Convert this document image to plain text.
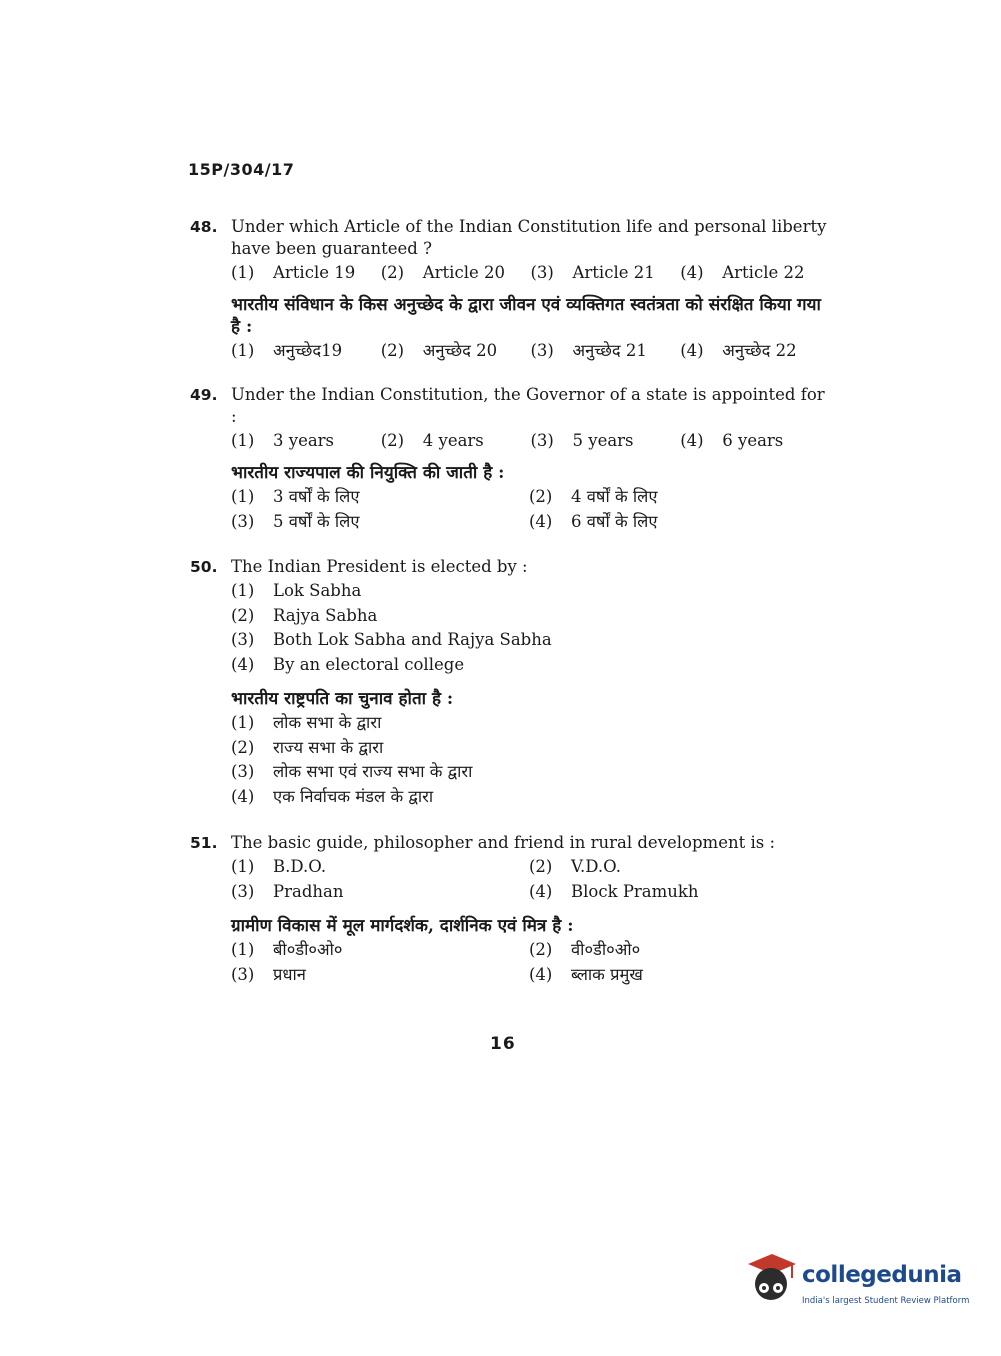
15P/304/17
48. Under which Article of the Indian Constitution life and personal liberty have been guaranteed ?
(1) Article 19	(2) Article 20	(3) Article 21	(4) Article 22
भारतीय संविधान के किस अनुच्छेद के द्वारा जीवन एवं व्यक्तिगत स्वतंत्रता को संरक्षित किया गया है :
(1) अनुच्छेद19	(2) अनुच्छेद 20	(3) अनुच्छेद 21	(4) अनुच्छेद 22
49. Under the Indian Constitution, the Governor of a state is appointed for :
(1) 3 years	(2) 4 years	(3) 5 years	(4) 6 years
भारतीय राज्यपाल की नियुक्ति की जाती है :
(1) 3 वर्षों के लिए	(2) 4 वर्षों के लिए
(3) 5 वर्षों के लिए	(4) 6 वर्षों के लिए
50. The Indian President is elected by :
(1) Lok Sabha
(2) Rajya Sabha
(3) Both Lok Sabha and Rajya Sabha
(4) By an electoral college
भारतीय राष्ट्रपति का चुनाव होता है :
(1) लोक सभा के द्वारा
(2) राज्य सभा के द्वारा
(3) लोक सभा एवं राज्य सभा के द्वारा
(4) एक निर्वाचक मंडल के द्वारा
51. The basic guide, philosopher and friend in rural development is :
(1) B.D.O.	(2) V.D.O.
(3) Pradhan	(4) Block Pramukh
ग्रामीण विकास में मूल मार्गदर्शक, दार्शनिक एवं मित्र है :
(1) बी०डी०ओ०	(2) वी०डी०ओ०
(3) प्रधान	(4) ब्लाक प्रमुख
16
collegedunia
India's largest Student Review Platform
